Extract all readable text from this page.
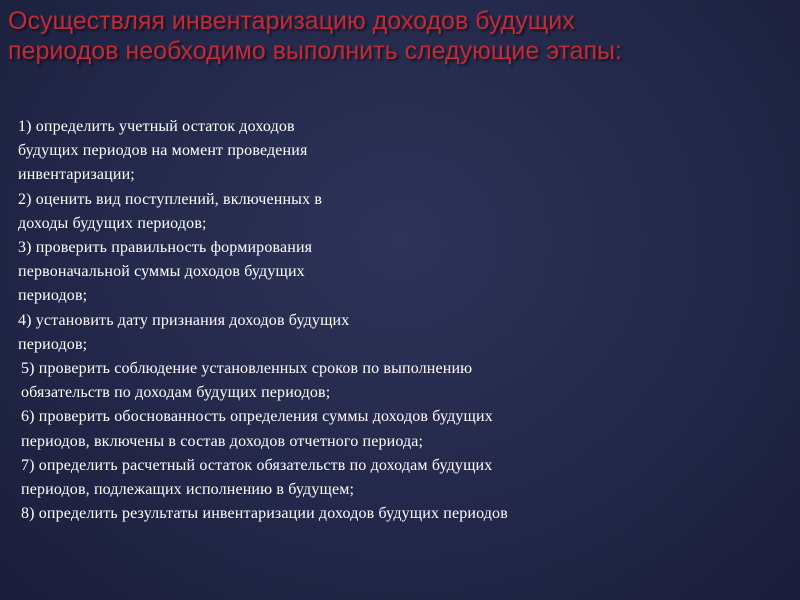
Осуществляя инвентаризацию доходов будущих
периодов необходимо выполнить следующие этапы:
1) определить учетный остаток доходов
будущих периодов на момент проведения
инвентаризации;
2) оценить вид поступлений, включенных в
доходы будущих периодов;
3) проверить правильность формирования
первоначальной суммы доходов будущих
периодов;
4) установить дату признания доходов будущих
периодов;
5) проверить соблюдение установленных сроков по выполнению
обязательств по доходам будущих периодов;
6) проверить обоснованность определения суммы доходов будущих
периодов, включены в состав доходов отчетного периода;
7) определить расчетный остаток обязательств по доходам будущих
периодов, подлежащих исполнению в будущем;
8) определить результаты инвентаризации доходов будущих периодов
